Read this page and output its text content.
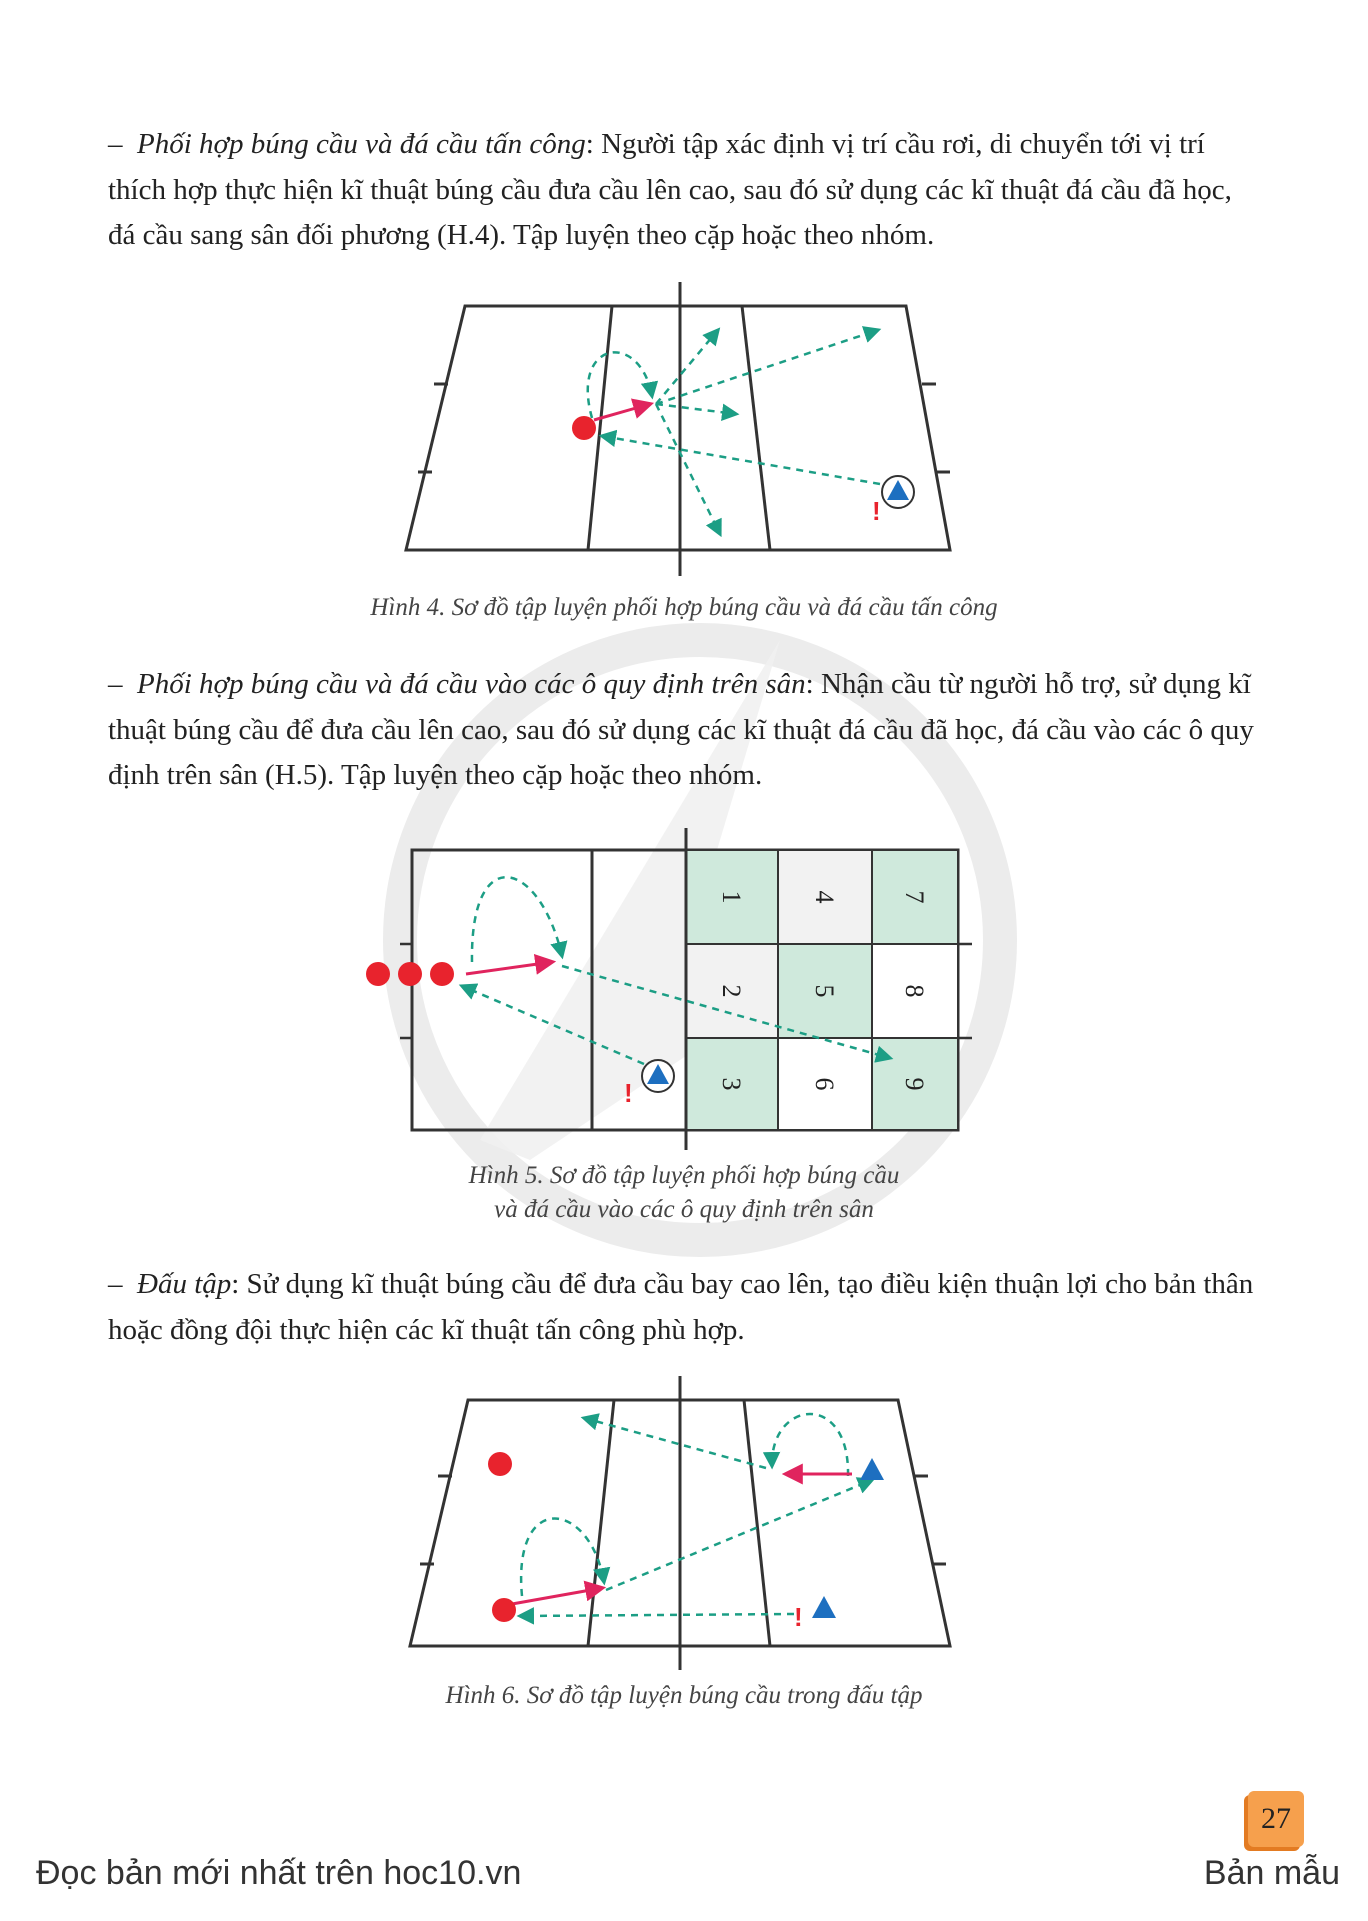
– Phối hợp búng cầu và đá cầu tấn công: Người tập xác định vị trí cầu rơi, di chuyển tới vị trí thích hợp thực hiện kĩ thuật búng cầu đưa cầu lên cao, sau đó sử dụng các kĩ thuật đá cầu đã học, đá cầu sang sân đối phương (H.4). Tập luyện theo cặp hoặc theo nhóm.

!
1
2
3
4
5
6
7
8
9
!
!
Hình 4. Sơ đồ tập luyện phối hợp búng cầu và đá cầu tấn công

– Phối hợp búng cầu và đá cầu vào các ô quy định trên sân: Nhận cầu từ người hỗ trợ, sử dụng kĩ thuật búng cầu để đưa cầu lên cao, sau đó sử dụng các kĩ thuật đá cầu đã học, đá cầu vào các ô quy định trên sân (H.5). Tập luyện theo cặp hoặc theo nhóm.

Hình 5. Sơ đồ tập luyện phối hợp búng cầu
và đá cầu vào các ô quy định trên sân

– Đấu tập: Sử dụng kĩ thuật búng cầu để đưa cầu bay cao lên, tạo điều kiện thuận lợi cho bản thân hoặc đồng đội thực hiện các kĩ thuật tấn công phù hợp.

Hình 6. Sơ đồ tập luyện búng cầu trong đấu tập
27
Đọc bản mới nhất trên hoc10.vn	Bản mẫu
